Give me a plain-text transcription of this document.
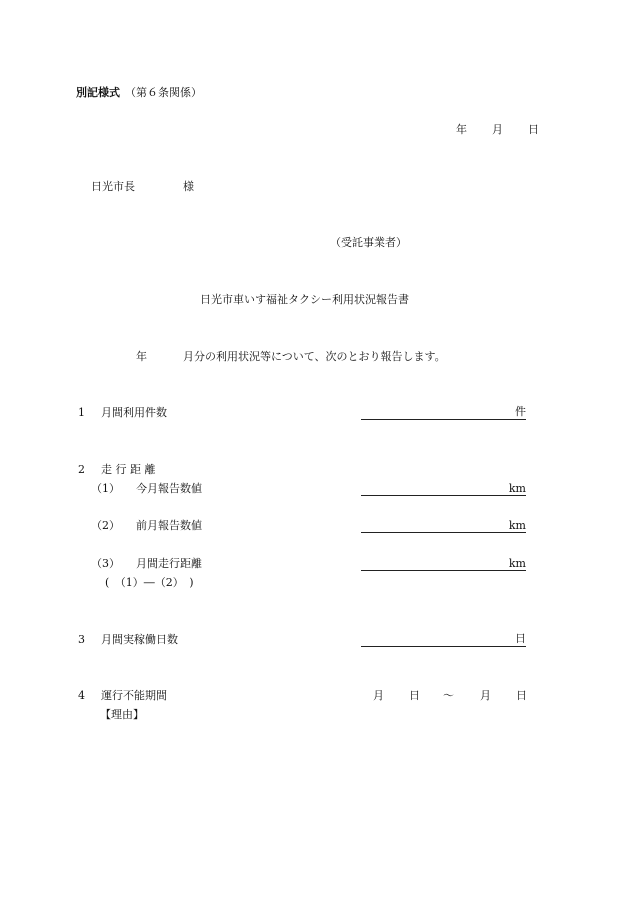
別記様式 （第６条関係）
年 月 日
日光市長	様
（受託事業者）
日光市車いす福祉タクシー利用状況報告書
年	月分の利用状況等について、次のとおり報告します。
1 月間利用件数	件
2 走 行 距 離
（1） 今月報告数値	km
（2） 前月報告数値	km
（3） 月間走行距離	km
(　（1）―（2）　)
3 月間実稼働日数	日
4 運行不能期間	月 日 ～ 月 日
【理由】
